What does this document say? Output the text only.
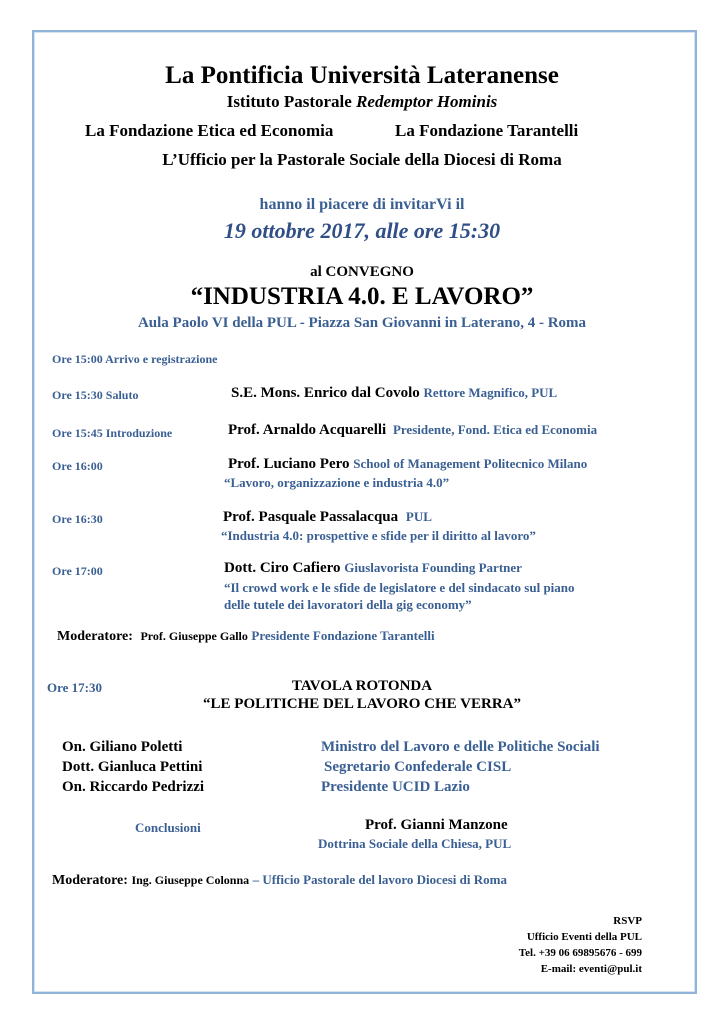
La Pontificia Università Lateranense
Istituto Pastorale Redemptor Hominis
La Fondazione Etica ed Economia	La Fondazione Tarantelli
L’Ufficio per la Pastorale Sociale della Diocesi di Roma
hanno il piacere di invitarVi il
19 ottobre 2017, alle ore 15:30
al CONVEGNO
“INDUSTRIA 4.0. E LAVORO”
Aula Paolo VI della PUL - Piazza San Giovanni in Laterano, 4 - Roma
Ore 15:00 Arrivo e registrazione
Ore 15:30 Saluto	S.E. Mons. Enrico dal Covolo Rettore Magnifico, PUL
Ore 15:45 Introduzione	Prof. Arnaldo Acquarelli Presidente, Fond. Etica ed Economia
Ore 16:00	Prof. Luciano Pero School of Management Politecnico Milano
“Lavoro, organizzazione e industria 4.0”
Ore 16:30	Prof. Pasquale Passalacqua PUL
“Industria 4.0: prospettive e sfide per il diritto al lavoro”
Ore 17:00	Dott. Ciro Cafiero Giuslavorista Founding Partner
“Il crowd work e le sfide de legislatore e del sindacato sul piano
delle tutele dei lavoratori della gig economy”
Moderatore: Prof. Giuseppe Gallo Presidente Fondazione Tarantelli
Ore 17:30	TAVOLA ROTONDA
“LE POLITICHE DEL LAVORO CHE VERRA”
On. Giliano Poletti	Ministro del Lavoro e delle Politiche Sociali
Dott. Gianluca Pettini	Segretario Confederale CISL
On. Riccardo Pedrizzi	Presidente UCID Lazio
Conclusioni	Prof. Gianni Manzone
Dottrina Sociale della Chiesa, PUL
Moderatore: Ing. Giuseppe Colonna – Ufficio Pastorale del lavoro Diocesi di Roma
RSVP
Ufficio Eventi della PUL
Tel. +39 06 69895676 - 699
E-mail: eventi@pul.it
